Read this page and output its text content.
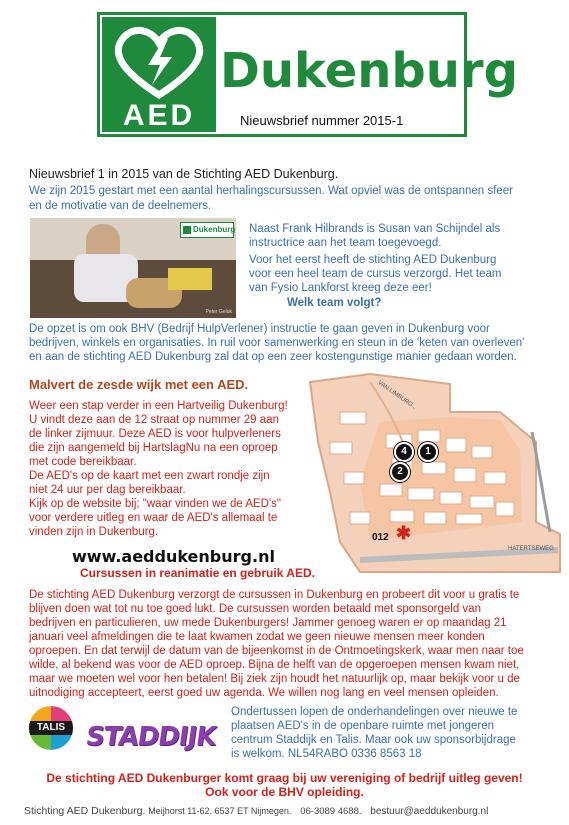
AED
Dukenburg
Nieuwsbrief nummer 2015-1
Nieuwsbrief 1 in 2015 van de Stichting AED Dukenburg.
We zijn 2015 gestart met een aantal herhalingscursussen. Wat opviel was de ontspannen sfeer
en de motivatie van de deelnemers.
Dukenburg
Peter Geluk
Naast Frank Hilbrands is Susan van Schijndel als
instructrice aan het team toegevoegd.
Voor het eerst heeft de stichting AED Dukenburg
voor een heel team de cursus verzorgd. Het team
van Fysio Lankforst kreeg deze eer!
Welk team volgt?
De opzet is om ook BHV (Bedrijf HulpVerlener) instructie te gaan geven in Dukenburg voor
bedrijven, winkels en organisaties. In ruil voor samenwerking en steun in de 'keten van overleven'
en aan de stichting AED Dukenburg zal dat op een zeer kostengunstige manier gedaan worden.
Malvert de zesde wijk met een AED.
Weer een stap verder in een Hartveilig Dukenburg!
U vindt deze aan de 12 straat op nummer 29 aan
de linker zijmuur. Deze AED is voor hulpverleners
die zijn aangemeld bij HartslagNu na een oproep
met code bereikbaar.
De AED's op de kaart met een zwart rondje zijn
niet 24 uur per dag bereikbaar.
Kijk op de website bij; "waar vinden we de AED's"
voor verdere uitleg en waar de AED's allemaal te
vinden zijn in Dukenburg.
VAN LIMBURG...
HATERTSEWEG
4	1
2
✱
012
www.aeddukenburg.nl
Cursussen in reanimatie en gebruik AED.
De stichting AED Dukenburg verzorgt de cursussen in Dukenburg en probeert dit voor u gratis te
blijven doen wat tot nu toe goed lukt. De cursussen worden betaald met sponsorgeld van
bedrijven en particulieren, uw mede Dukenburgers! Jammer genoeg waren er op maandag 21
januari veel afmeldingen die te laat kwamen zodat we geen nieuwe mensen meer konden
oproepen. En dat terwijl de datum van de bijeenkomst in de Ontmoetingskerk, waar men naar toe
wilde, al bekend was voor de AED oproep. Bijna de helft van de opgeroepen mensen kwam niet,
maar we moeten wel voor hen betalen! Bij ziek zijn houdt het natuurlijk op, maar bekijk voor u de
uitnodiging accepteert, eerst goed uw agenda. We willen nog lang en veel mensen opleiden.
TALIS STADDIJK
Ondertussen lopen de onderhandelingen over nieuwe te
plaatsen AED's in de openbare ruimte met jongeren
centrum Staddijk en Talis. Maar ook uw sponsorbijdrage
is welkom. NL54RABO 0336 8563 18
De stichting AED Dukenburger komt graag bij uw vereniging of bedrijf uitleg geven!
Ook voor de BHV opleiding.
Stichting AED Dukenburg. Meijhorst 11-62. 6537 ET Nijmegen. 06-3089 4688. bestuur@aeddukenburg.nl
